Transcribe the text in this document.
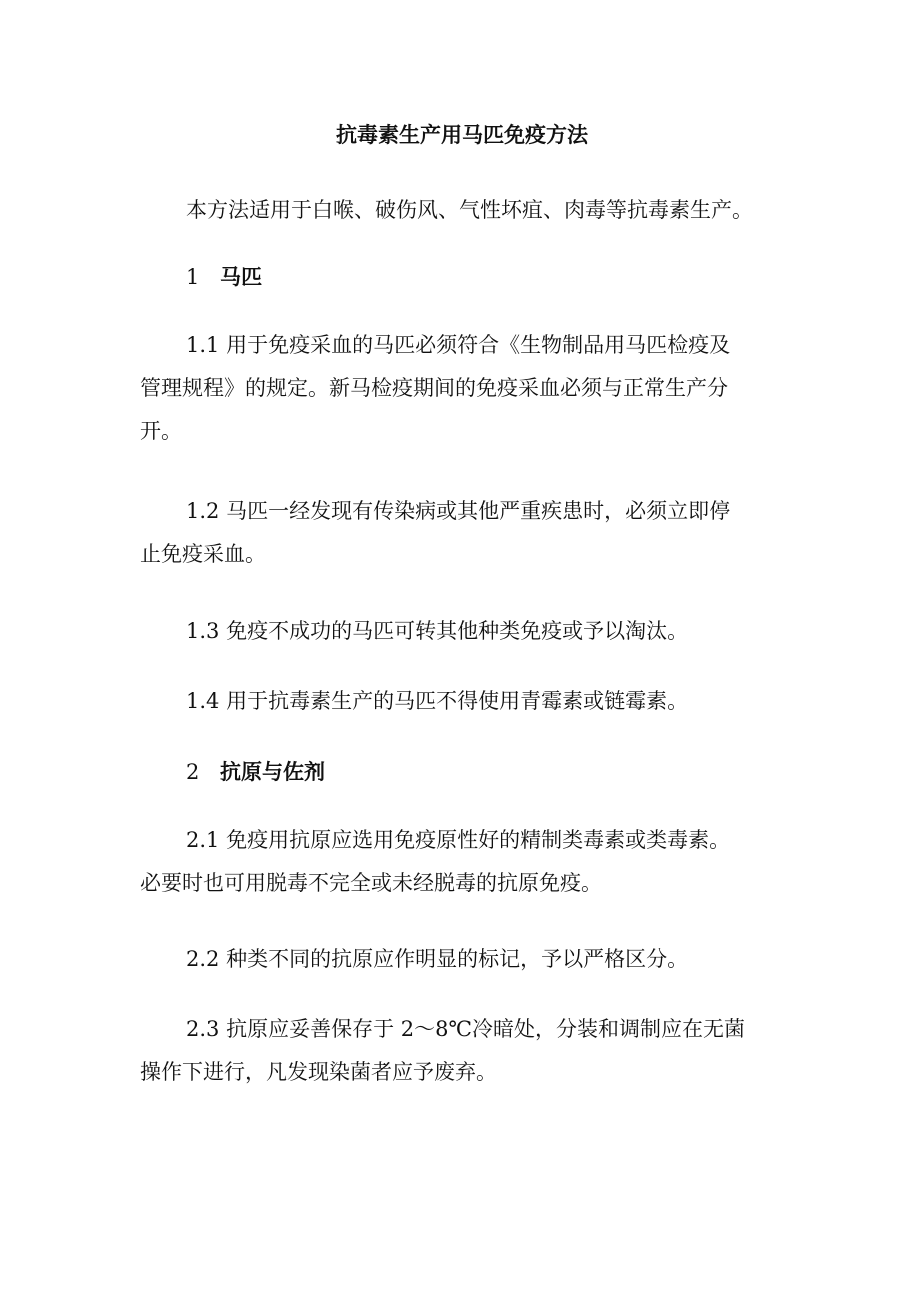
抗毒素生产用马匹免疫方法

本方法适用于白喉、破伤风、气性坏疽、肉毒等抗毒素生产。

1 马匹
1.1 用于免疫采血的马匹必须符合《生物制品用马匹检疫及
管理规程》的规定。新马检疫期间的免疫采血必须与正常生产分
开。
1.2 马匹一经发现有传染病或其他严重疾患时，必须立即停
止免疫采血。

1.3 免疫不成功的马匹可转其他种类免疫或予以淘汰。

1.4 用于抗毒素生产的马匹不得使用青霉素或链霉素。

2 抗原与佐剂
2.1 免疫用抗原应选用免疫原性好的精制类毒素或类毒素。
必要时也可用脱毒不完全或未经脱毒的抗原免疫。

2.2 种类不同的抗原应作明显的标记，予以严格区分。

2.3 抗原应妥善保存于 2～8℃冷暗处，分装和调制应在无菌
操作下进行，凡发现染菌者应予废弃。
